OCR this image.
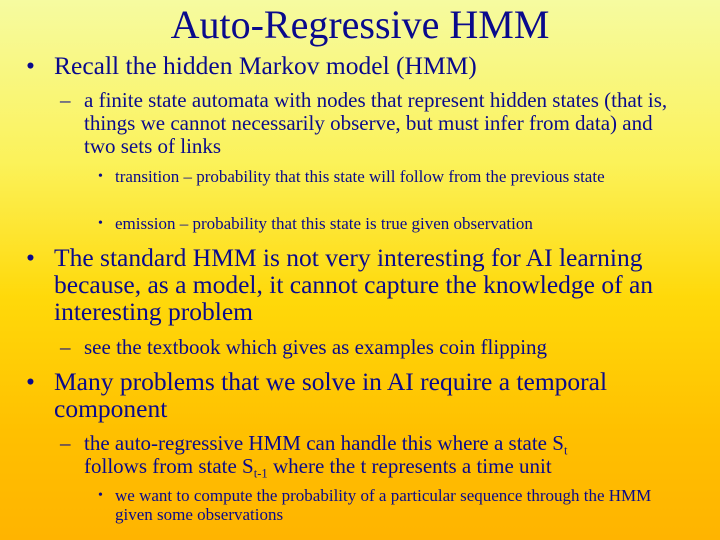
Auto-Regressive HMM
• Recall the hidden Markov model (HMM)
– a finite state automata with nodes that represent hidden states (that is, things we cannot necessarily observe, but must infer from data) and two sets of links
• transition – probability that this state will follow from the previous state
• emission – probability that this state is true given observation
• The standard HMM is not very interesting for AI learning because, as a model, it cannot capture the knowledge of an interesting problem
– see the textbook which gives as examples coin flipping
• Many problems that we solve in AI require a temporal component
– the auto-regressive HMM can handle this where a state $S_t$
follows from state $S_{t-1}$ where the t represents a time unit
• we want to compute the probability of a particular sequence through the HMM given some observations
